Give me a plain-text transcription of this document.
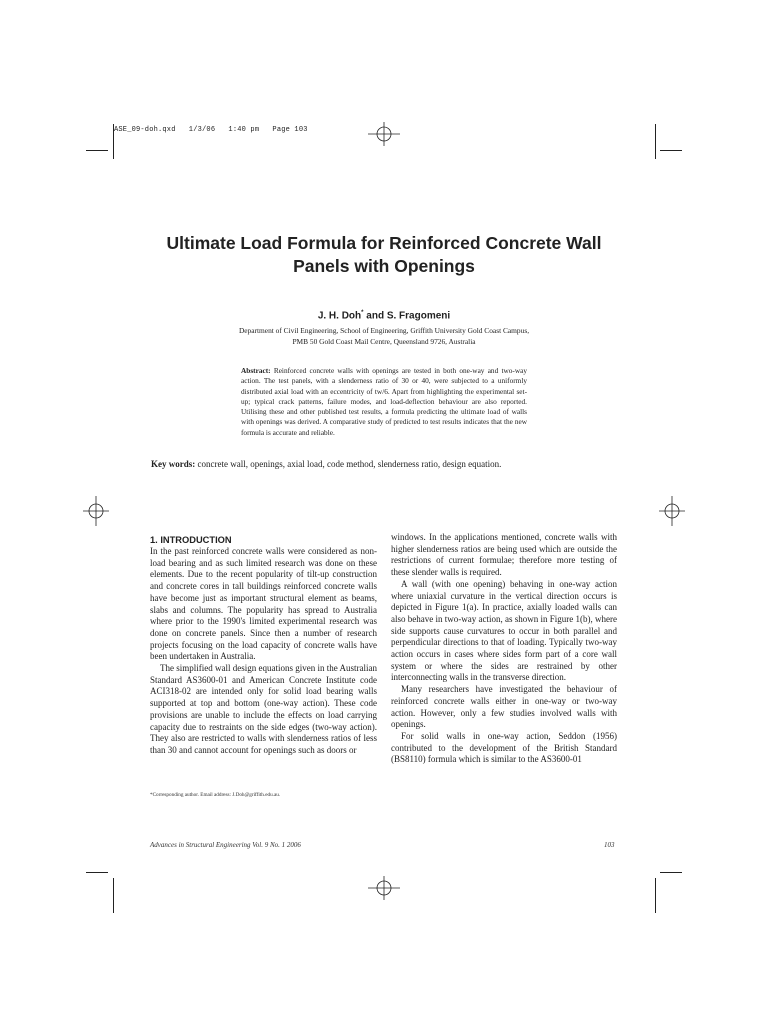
ASE_09-doh.qxd   1/3/06   1:40 pm   Page 103
Ultimate Load Formula for Reinforced Concrete Wall
Panels with Openings
J. H. Doh* and S. Fragomeni
Department of Civil Engineering, School of Engineering, Griffith University Gold Coast Campus,
PMB 50 Gold Coast Mail Centre, Queensland 9726, Australia
Abstract: Reinforced concrete walls with openings are tested in both one-way and two-way action. The test panels, with a slenderness ratio of 30 or 40, were subjected to a uniformly distributed axial load with an eccentricity of tw/6. Apart from highlighting the experimental set-up; typical crack patterns, failure modes, and load-deflection behaviour are also reported. Utilising these and other published test results, a formula predicting the ultimate load of walls with openings was derived. A comparative study of predicted to test results indicates that the new formula is accurate and reliable.
Key words: concrete wall, openings, axial load, code method, slenderness ratio, design equation.
1. INTRODUCTION

In the past reinforced concrete walls were considered as non-load bearing and as such limited research was done on these elements. Due to the recent popularity of tilt-up construction and concrete cores in tall buildings reinforced concrete walls have become just as important structural element as beams, slabs and columns. The popularity has spread to Australia where prior to the 1990's limited experimental research was done on concrete panels. Since then a number of research projects focusing on the load capacity of concrete walls have been undertaken in Australia.

The simplified wall design equations given in the Australian Standard AS3600-01 and American Concrete Institute code ACI318-02 are intended only for solid load bearing walls supported at top and bottom (one-way action). These code provisions are unable to include the effects on load carrying capacity due to restraints on the side edges (two-way action). They also are restricted to walls with slenderness ratios of less than 30 and cannot account for openings such as doors or

windows. In the applications mentioned, concrete walls with higher slenderness ratios are being used which are outside the restrictions of current formulae; therefore more testing of these slender walls is required.

A wall (with one opening) behaving in one-way action where uniaxial curvature in the vertical direction occurs is depicted in Figure 1(a). In practice, axially loaded walls can also behave in two-way action, as shown in Figure 1(b), where side supports cause curvatures to occur in both parallel and perpendicular directions to that of loading. Typically two-way action occurs in cases where sides form part of a core wall system or where the sides are restrained by other interconnecting walls in the transverse direction.

Many researchers have investigated the behaviour of reinforced concrete walls either in one-way or two-way action. However, only a few studies involved walls with openings.

For solid walls in one-way action, Seddon (1956) contributed to the development of the British Standard (BS8110) formula which is similar to the AS3600-01

*Corresponding author. Email address: J.Doh@griffith.edu.au.
Advances in Structural Engineering Vol. 9 No. 1 2006	103
